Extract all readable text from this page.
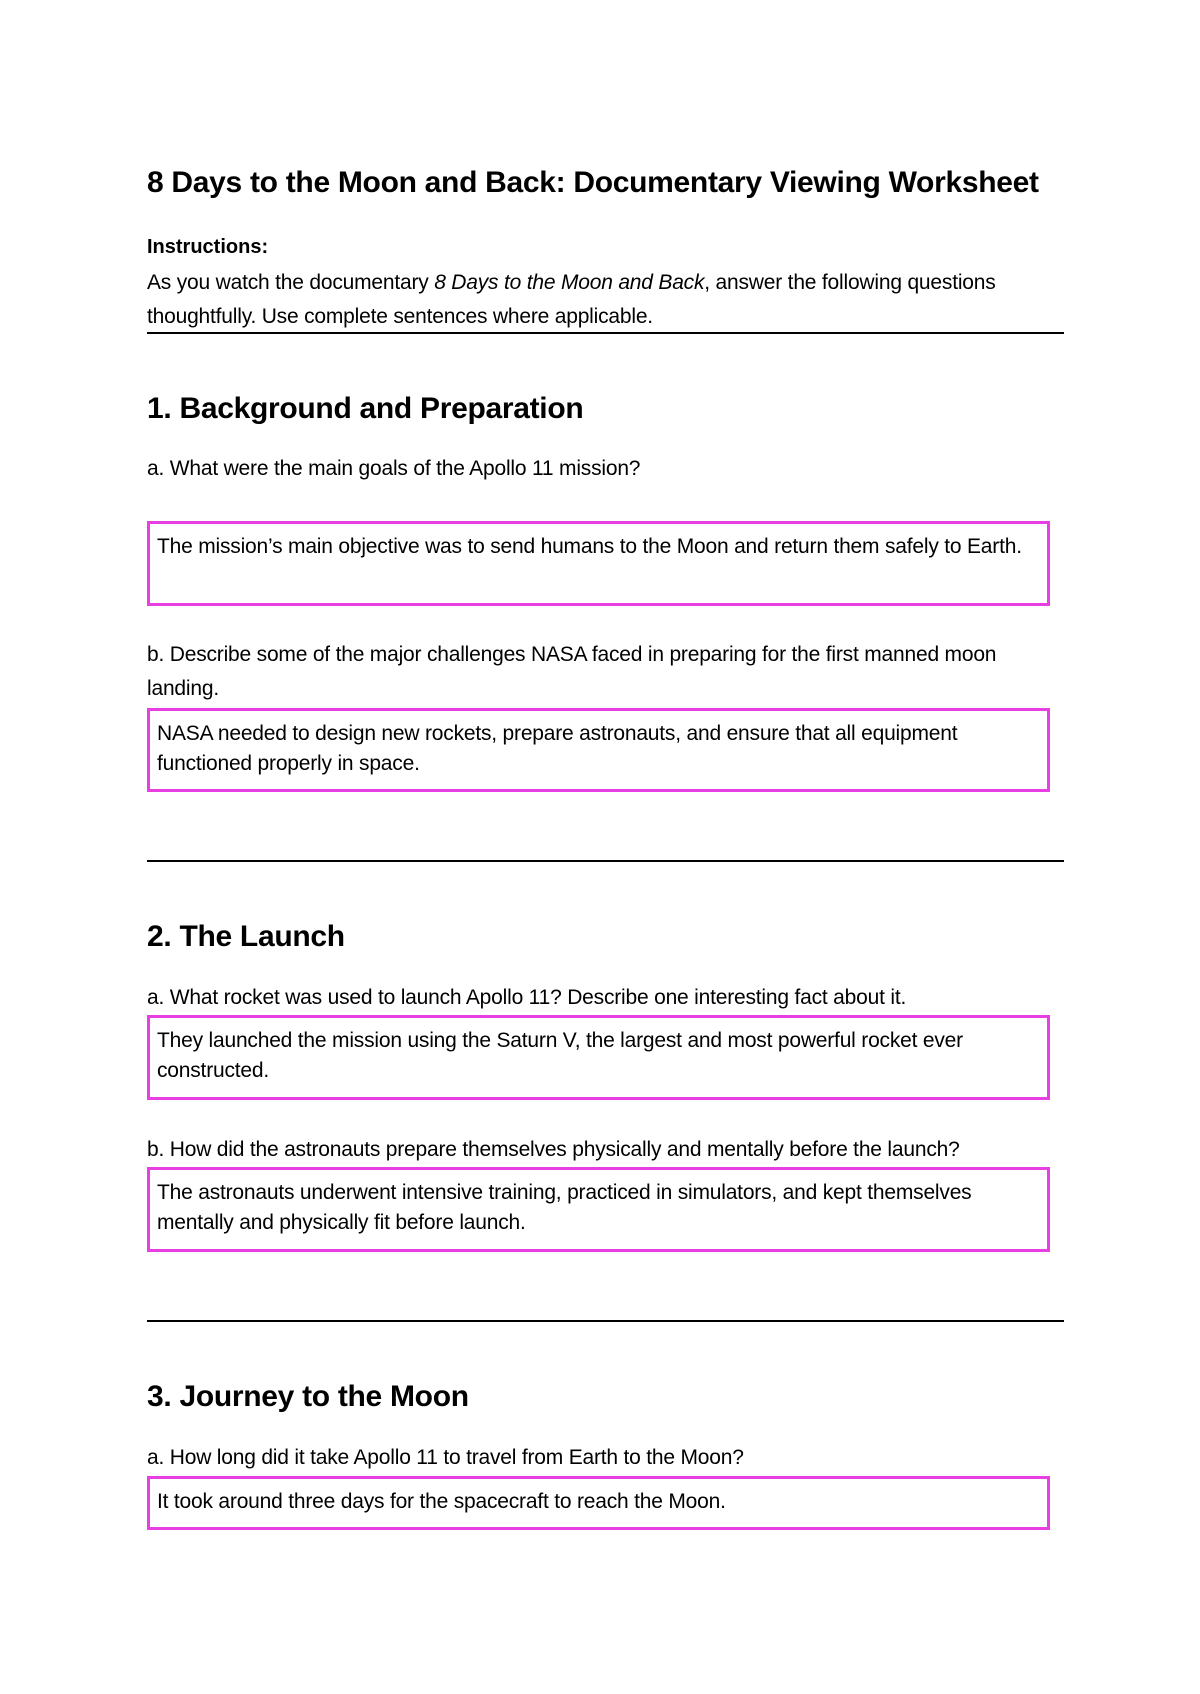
8 Days to the Moon and Back: Documentary Viewing Worksheet
Instructions:
As you watch the documentary 8 Days to the Moon and Back, answer the following questions thoughtfully. Use complete sentences where applicable.
1. Background and Preparation
a. What were the main goals of the Apollo 11 mission?
The mission’s main objective was to send humans to the Moon and return them safely to Earth.
b. Describe some of the major challenges NASA faced in preparing for the first manned moon landing.
NASA needed to design new rockets, prepare astronauts, and ensure that all equipment functioned properly in space.
2. The Launch
a. What rocket was used to launch Apollo 11? Describe one interesting fact about it.
They launched the mission using the Saturn V, the largest and most powerful rocket ever constructed.
b. How did the astronauts prepare themselves physically and mentally before the launch?
The astronauts underwent intensive training, practiced in simulators, and kept themselves mentally and physically fit before launch.
3. Journey to the Moon
a. How long did it take Apollo 11 to travel from Earth to the Moon?
It took around three days for the spacecraft to reach the Moon.
